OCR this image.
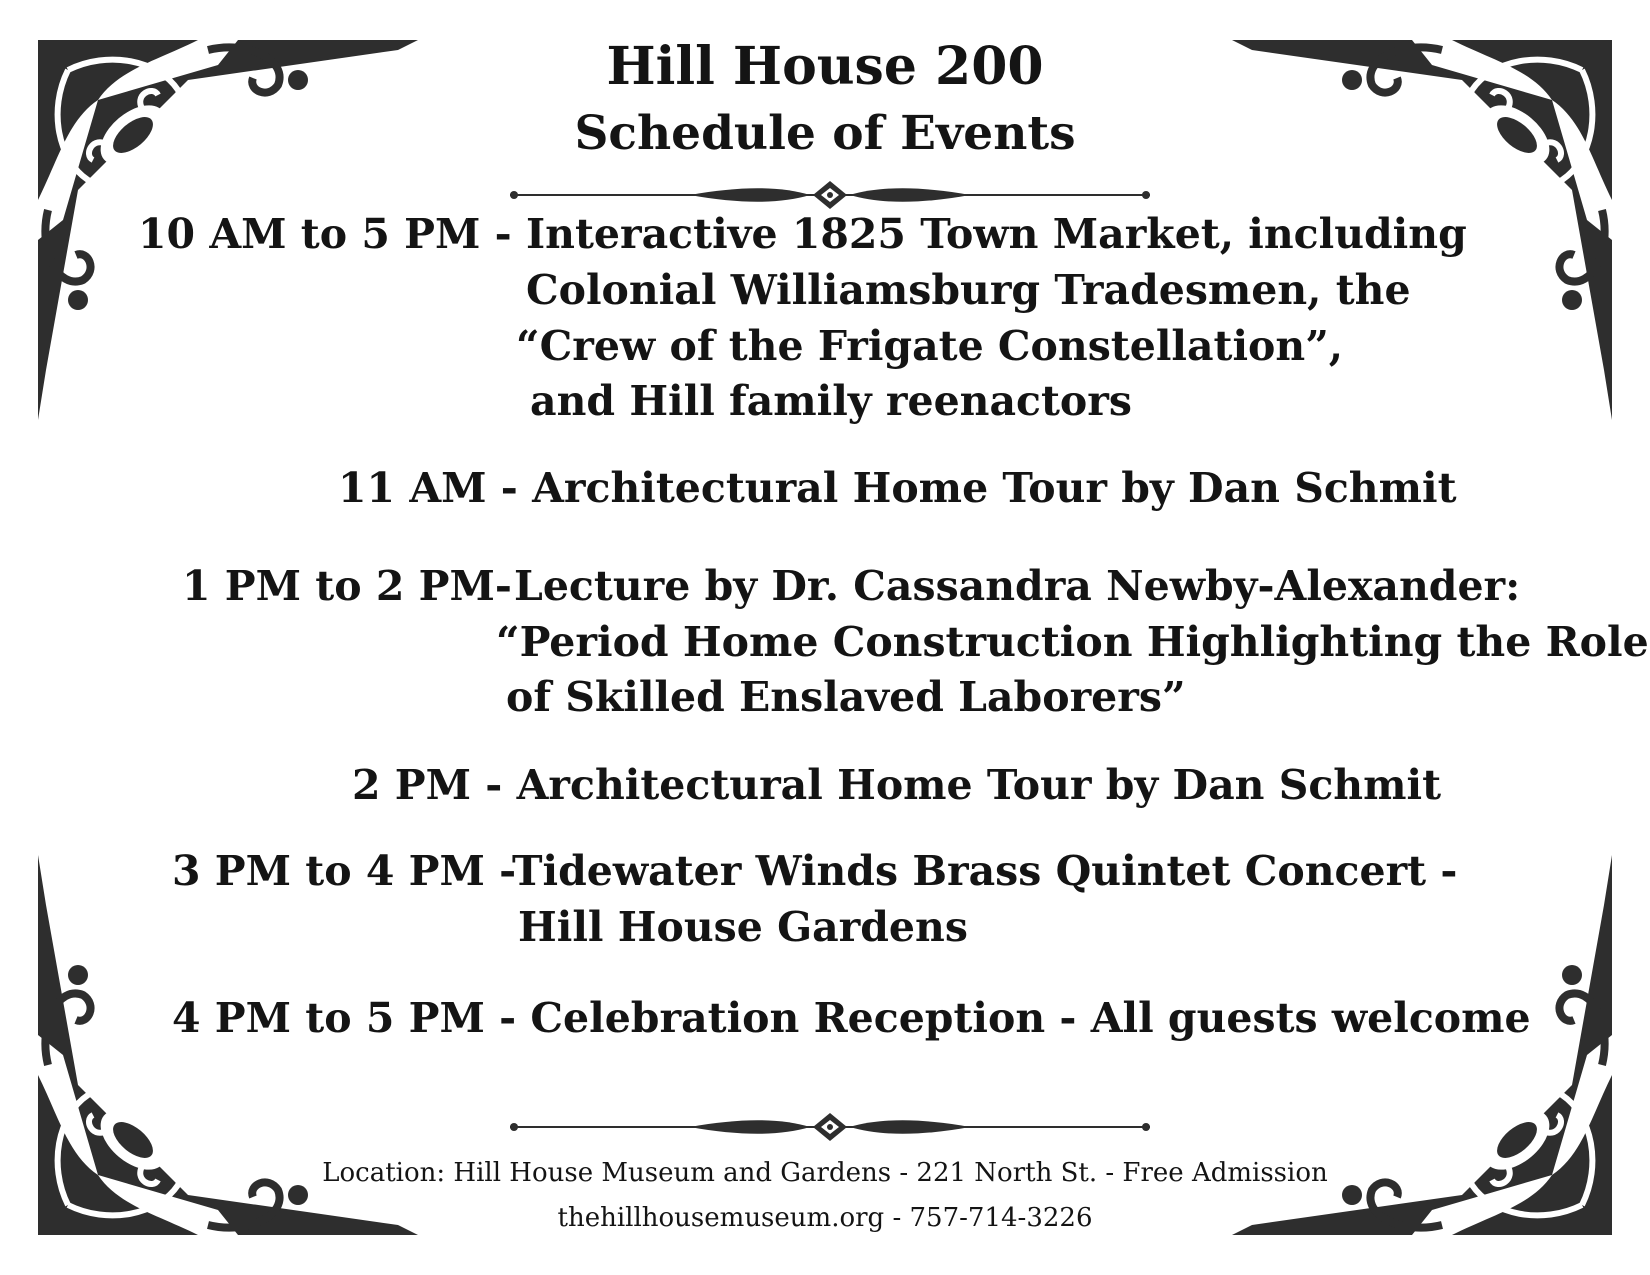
Hill House 200
Schedule of Events
10 AM to 5 PM - Interactive 1825 Town Market, including
Colonial Williamsburg Tradesmen, the
“Crew of the Frigate Constellation”,
and Hill family reenactors
11 AM - Architectural Home Tour by Dan Schmit
1 PM to 2 PM- Lecture by Dr. Cassandra Newby-Alexander:
“Period Home Construction Highlighting the Role
of Skilled Enslaved Laborers”
2 PM - Architectural Home Tour by Dan Schmit
3 PM to 4 PM -
Tidewater Winds Brass Quintet Concert -
Hill House Gardens
4 PM to 5 PM - Celebration Reception - All guests welcome
Location: Hill House Museum and Gardens - 221 North St. - Free Admission
thehillhousemuseum.org - 757-714-3226
